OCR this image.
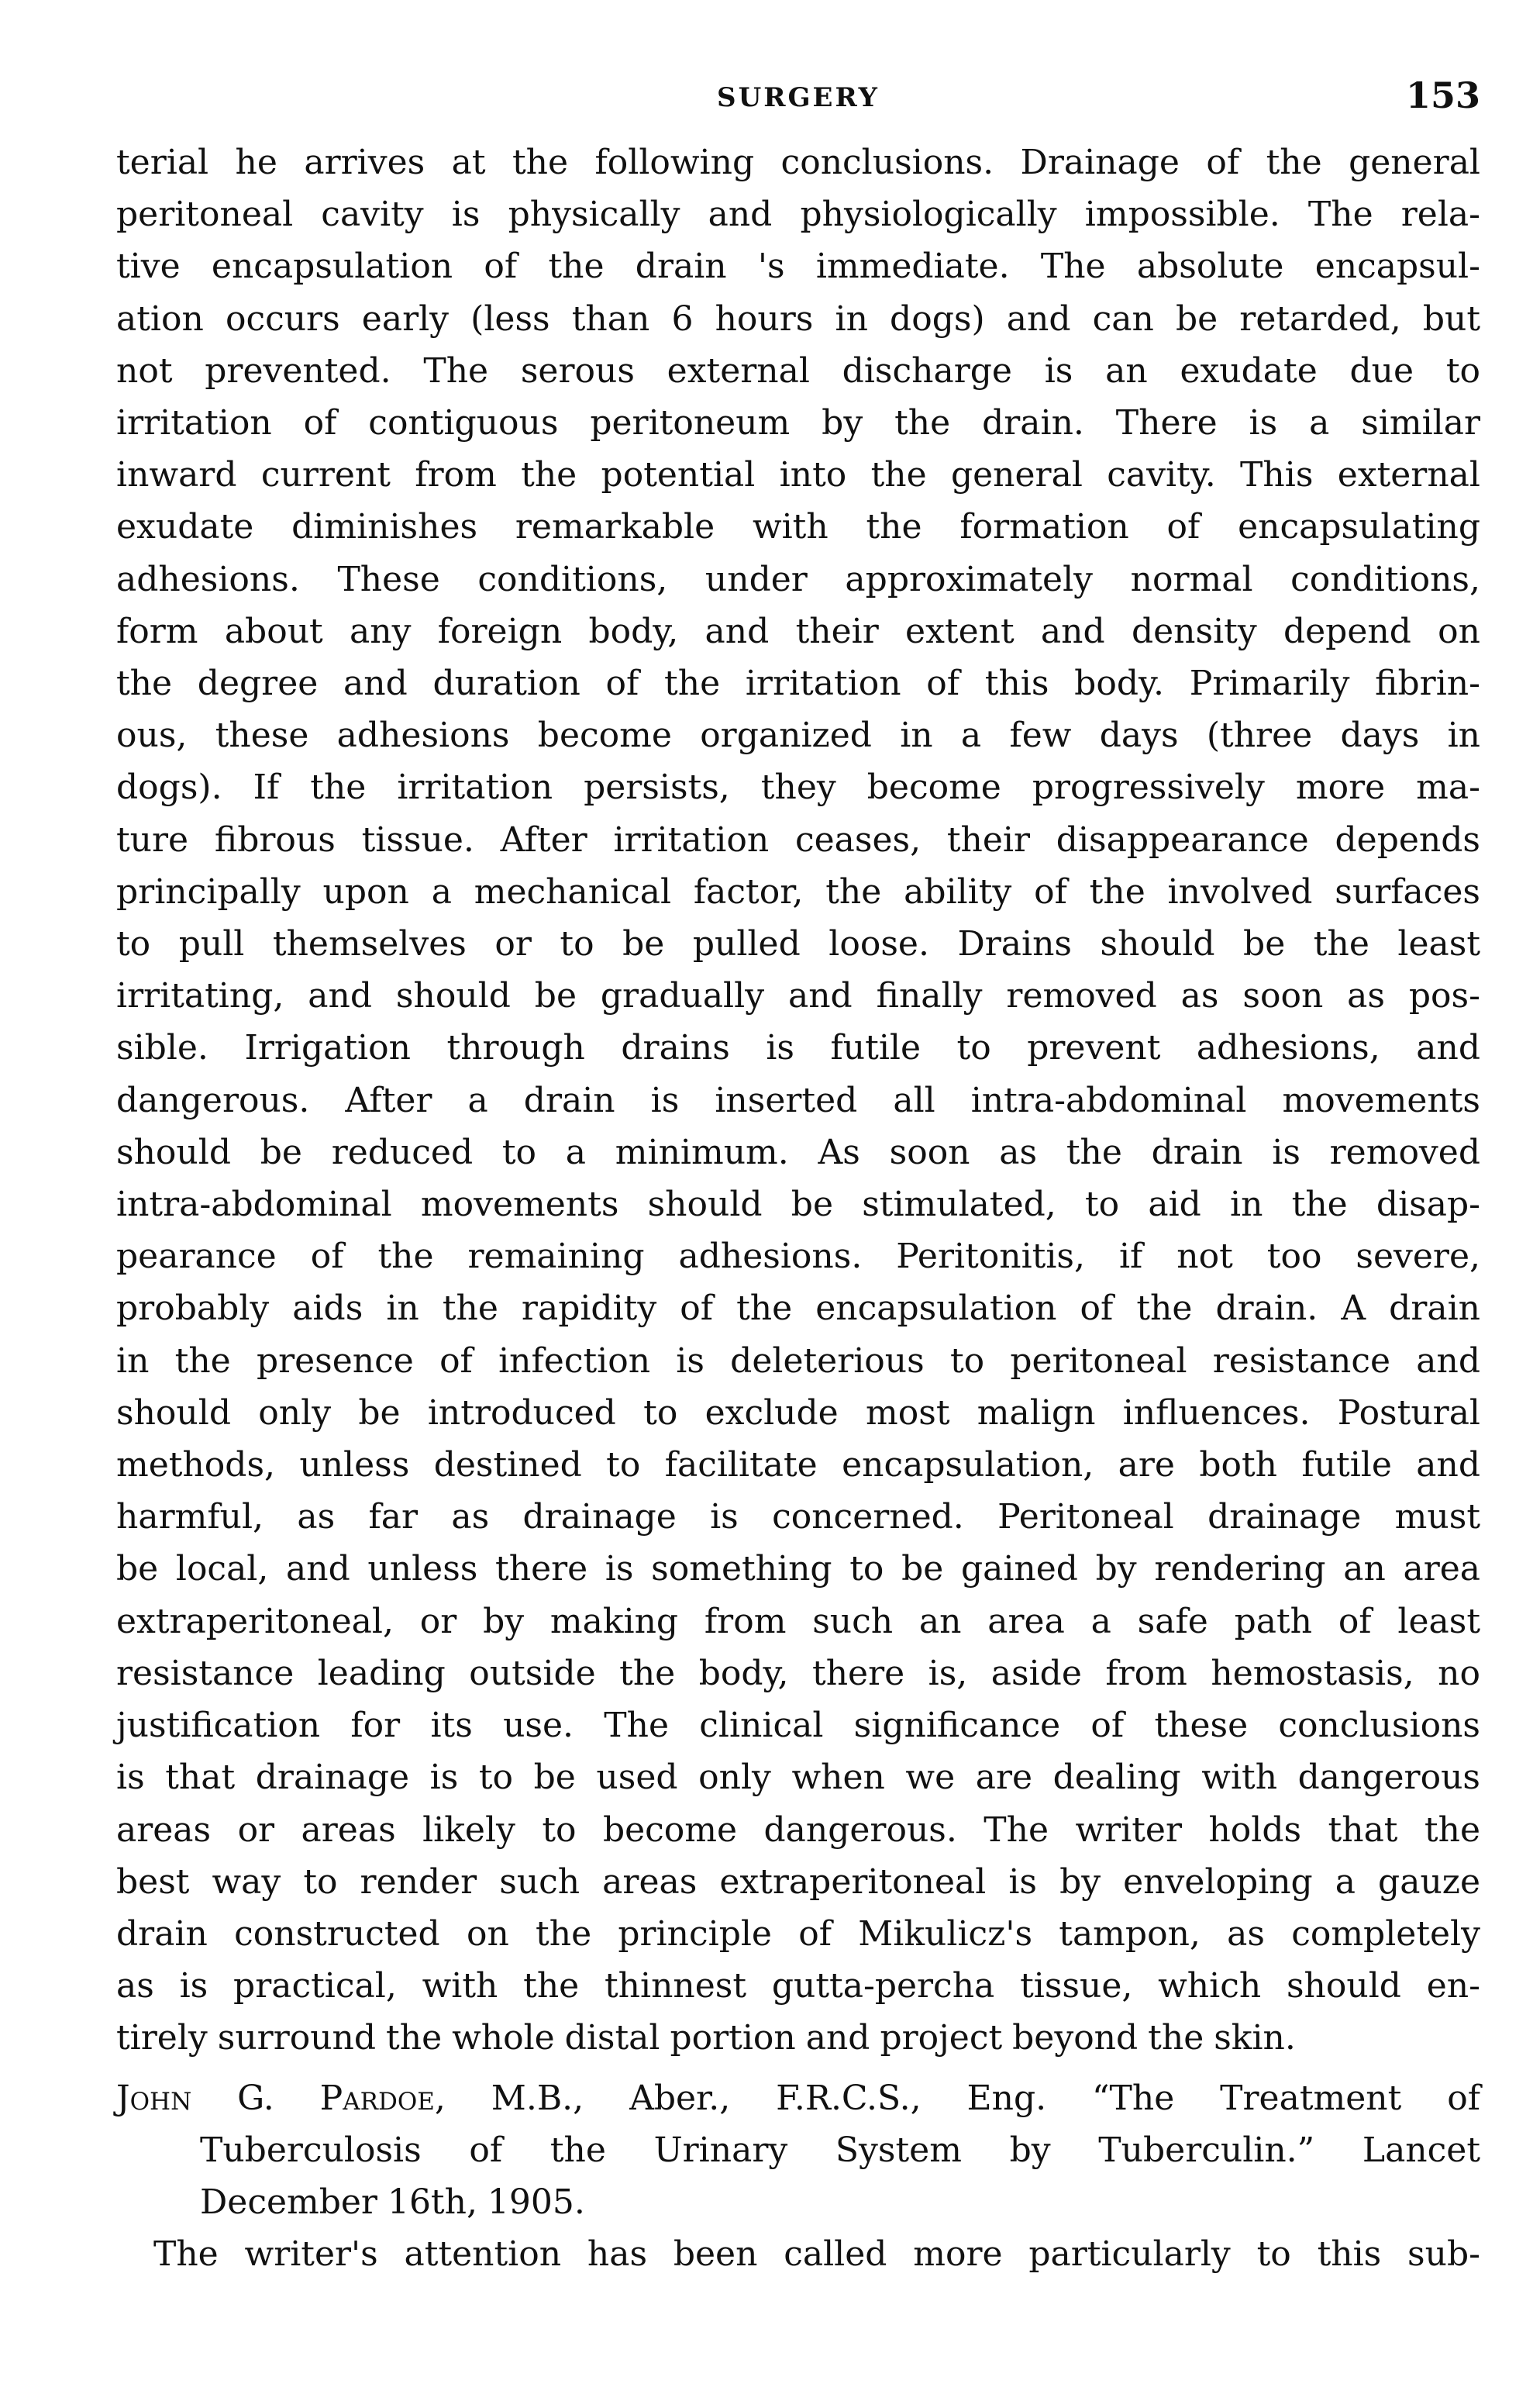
SURGERY	153
terial he arrives at the following conclusions. Drainage of the general
peritoneal cavity is physically and physiologically impossible. The rela-
tive encapsulation of the drain 's immediate. The absolute encapsul-
ation occurs early (less than 6 hours in dogs) and can be retarded, but
not prevented. The serous external discharge is an exudate due to
irritation of contiguous peritoneum by the drain. There is a similar
inward current from the potential into the general cavity. This external
exudate diminishes remarkable with the formation of encapsulating
adhesions. These conditions, under approximately normal conditions,
form about any foreign body, and their extent and density depend on
the degree and duration of the irritation of this body. Primarily fibrin-
ous, these adhesions become organized in a few days (three days in
dogs). If the irritation persists, they become progressively more ma-
ture fibrous tissue. After irritation ceases, their disappearance depends
principally upon a mechanical factor, the ability of the involved surfaces
to pull themselves or to be pulled loose. Drains should be the least
irritating, and should be gradually and finally removed as soon as pos-
sible. Irrigation through drains is futile to prevent adhesions, and
dangerous. After a drain is inserted all intra-abdominal movements
should be reduced to a minimum. As soon as the drain is removed
intra-abdominal movements should be stimulated, to aid in the disap-
pearance of the remaining adhesions. Peritonitis, if not too severe,
probably aids in the rapidity of the encapsulation of the drain. A drain
in the presence of infection is deleterious to peritoneal resistance and
should only be introduced to exclude most malign influences. Postural
methods, unless destined to facilitate encapsulation, are both futile and
harmful, as far as drainage is concerned. Peritoneal drainage must
be local, and unless there is something to be gained by rendering an area
extraperitoneal, or by making from such an area a safe path of least
resistance leading outside the body, there is, aside from hemostasis, no
justification for its use. The clinical significance of these conclusions
is that drainage is to be used only when we are dealing with dangerous
areas or areas likely to become dangerous. The writer holds that the
best way to render such areas extraperitoneal is by enveloping a gauze
drain constructed on the principle of Mikulicz's tampon, as completely
as is practical, with the thinnest gutta-percha tissue, which should en-
tirely surround the whole distal portion and project beyond the skin.
John G. Pardoe, M.B., Aber., F.R.C.S., Eng. “The Treatment of
Tuberculosis of the Urinary System by Tuberculin.” Lancet
December 16th, 1905.
The writer's attention has been called more particularly to this sub-
